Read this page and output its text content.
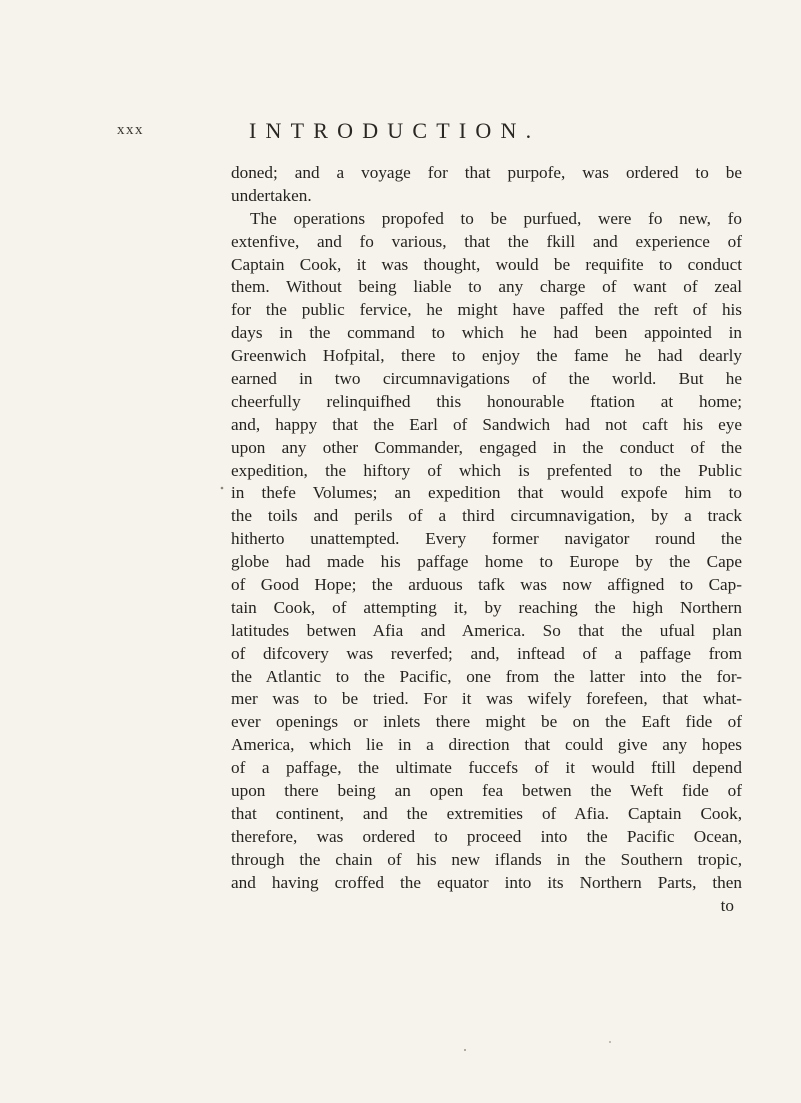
xxx	INTRODUCTION.
doned; and a voyage for that purpofe, was ordered to be
undertaken.
The operations propofed to be purfued, were fo new, fo
extenfive, and fo various, that the fkill and experience of
Captain Cook, it was thought, would be requifite to conduct
them. Without being liable to any charge of want of zeal
for the public fervice, he might have paffed the reft of his
days in the command to which he had been appointed in
Greenwich Hofpital, there to enjoy the fame he had dearly
earned in two circumnavigations of the world. But he
cheerfully relinquifhed this honourable ftation at home;
and, happy that the Earl of Sandwich had not caft his eye
upon any other Commander, engaged in the conduct of the
expedition, the hiftory of which is prefented to the Public
in thefe Volumes; an expedition that would expofe him to
the toils and perils of a third circumnavigation, by a track
hitherto unattempted. Every former navigator round the
globe had made his paffage home to Europe by the Cape
of Good Hope; the arduous tafk was now affigned to Cap-
tain Cook, of attempting it, by reaching the high Northern
latitudes betwen Afia and America. So that the ufual plan
of difcovery was reverfed; and, inftead of a paffage from
the Atlantic to the Pacific, one from the latter into the for-
mer was to be tried. For it was wifely forefeen, that what-
ever openings or inlets there might be on the Eaft fide of
America, which lie in a direction that could give any hopes
of a paffage, the ultimate fuccefs of it would ftill depend
upon there being an open fea betwen the Weft fide of
that continent, and the extremities of Afia. Captain Cook,
therefore, was ordered to proceed into the Pacific Ocean,
through the chain of his new iflands in the Southern tropic,
and having croffed the equator into its Northern Parts, then
to
